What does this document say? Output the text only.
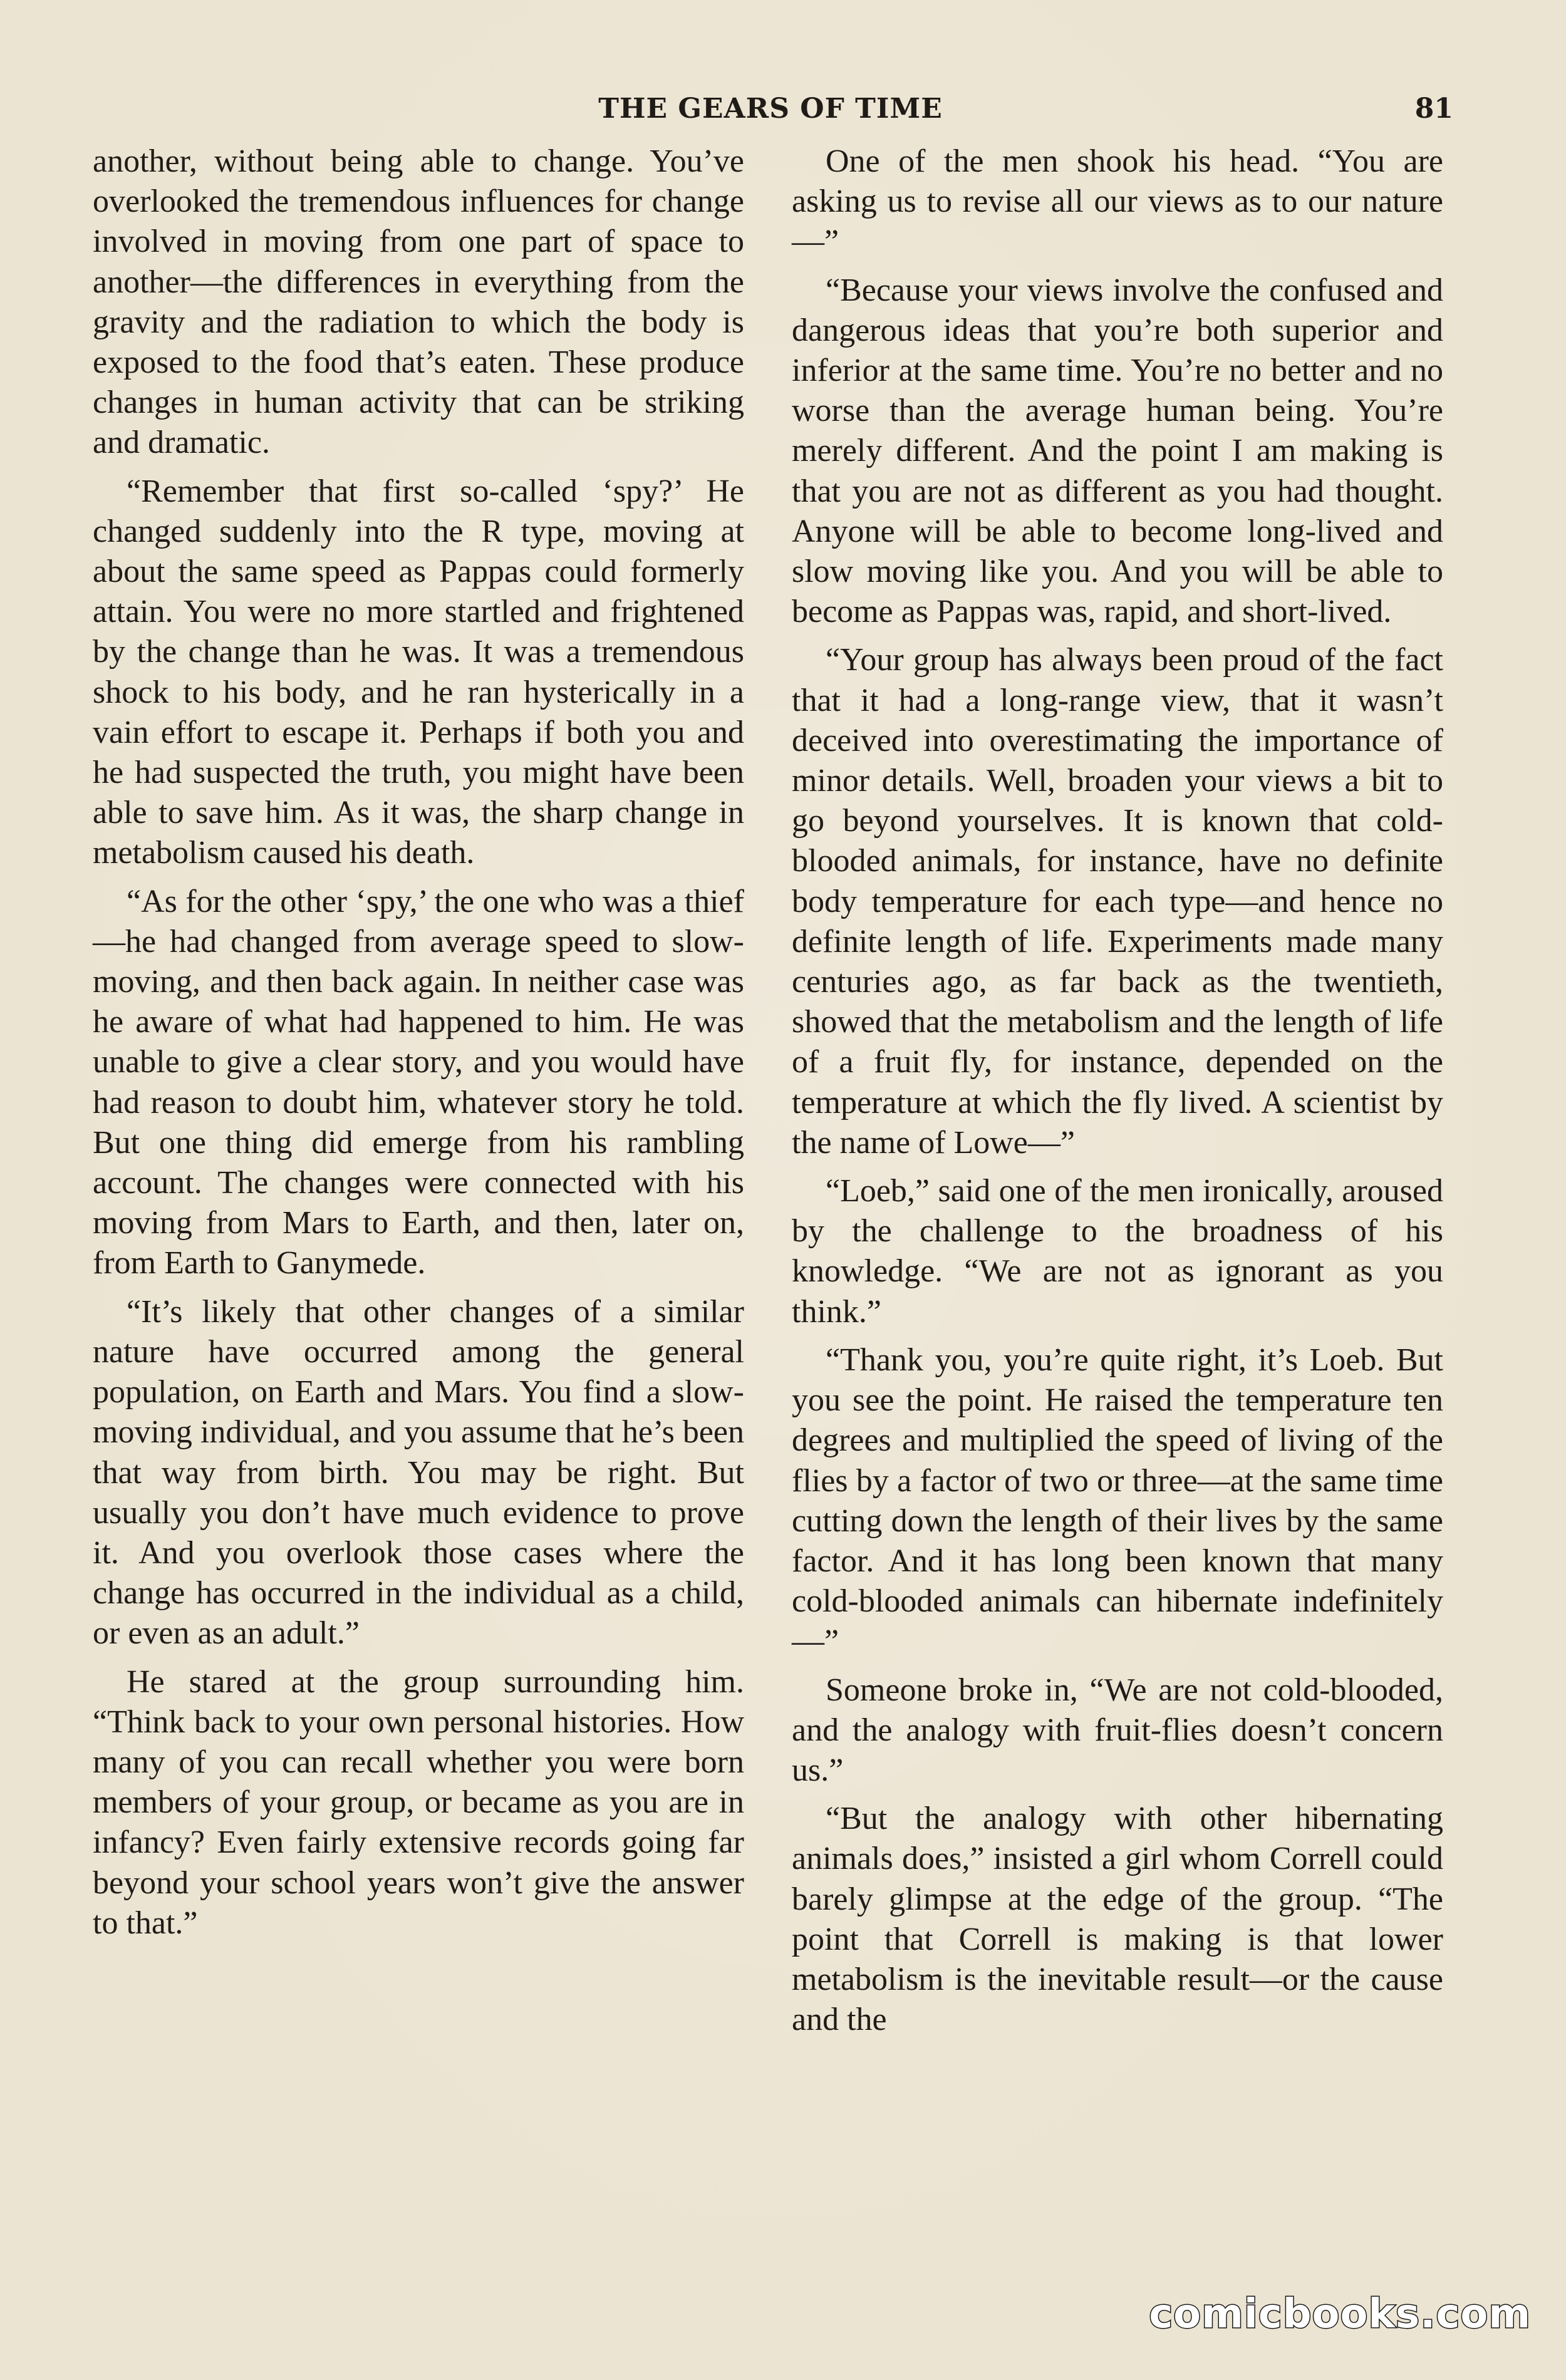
THE GEARS OF TIME	81

another, without being able to change. You’ve overlooked the tremendous influences for change involved in moving from one part of space to another—the differences in everything from the gravity and the radiation to which the body is exposed to the food that’s eaten. These produce changes in human activity that can be striking and dramatic.

“Remember that first so-called ‘spy?’ He changed suddenly into the R type, moving at about the same speed as Pappas could formerly attain. You were no more startled and frightened by the change than he was. It was a tremendous shock to his body, and he ran hysterically in a vain effort to escape it. Perhaps if both you and he had suspected the truth, you might have been able to save him. As it was, the sharp change in metabolism caused his death.

“As for the other ‘spy,’ the one who was a thief—he had changed from average speed to slow-moving, and then back again. In neither case was he aware of what had happened to him. He was unable to give a clear story, and you would have had reason to doubt him, whatever story he told. But one thing did emerge from his rambling account. The changes were connected with his moving from Mars to Earth, and then, later on, from Earth to Ganymede.

“It’s likely that other changes of a similar nature have occurred among the general population, on Earth and Mars. You find a slow-moving individual, and you assume that he’s been that way from birth. You may be right. But usually you don’t have much evidence to prove it. And you overlook those cases where the change has occurred in the individual as a child, or even as an adult.”

He stared at the group surrounding him. “Think back to your own personal histories. How many of you can recall whether you were born members of your group, or became as you are in infancy? Even fairly extensive records going far beyond your school years won’t give the answer to that.”

One of the men shook his head. “You are asking us to revise all our views as to our nature—”

“Because your views involve the confused and dangerous ideas that you’re both superior and inferior at the same time. You’re no better and no worse than the average human being. You’re merely different. And the point I am making is that you are not as different as you had thought. Anyone will be able to become long-lived and slow moving like you. And you will be able to become as Pappas was, rapid, and short-lived.

“Your group has always been proud of the fact that it had a long-range view, that it wasn’t deceived into overestimating the importance of minor details. Well, broaden your views a bit to go beyond yourselves. It is known that cold-blooded animals, for instance, have no definite body temperature for each type—and hence no definite length of life. Experiments made many centuries ago, as far back as the twentieth, showed that the metabolism and the length of life of a fruit fly, for instance, depended on the temperature at which the fly lived. A scientist by the name of Lowe—”

“Loeb,” said one of the men ironically, aroused by the challenge to the broadness of his knowledge. “We are not as ignorant as you think.”

“Thank you, you’re quite right, it’s Loeb. But you see the point. He raised the temperature ten degrees and multiplied the speed of living of the flies by a factor of two or three—at the same time cutting down the length of their lives by the same factor. And it has long been known that many cold-blooded animals can hibernate indefinitely—”

Someone broke in, “We are not cold-blooded, and the analogy with fruit-flies doesn’t concern us.”

“But the analogy with other hibernating animals does,” insisted a girl whom Correll could barely glimpse at the edge of the group. “The point that Correll is making is that lower metabolism is the inevitable result—or the cause and the

comicbooks.com
